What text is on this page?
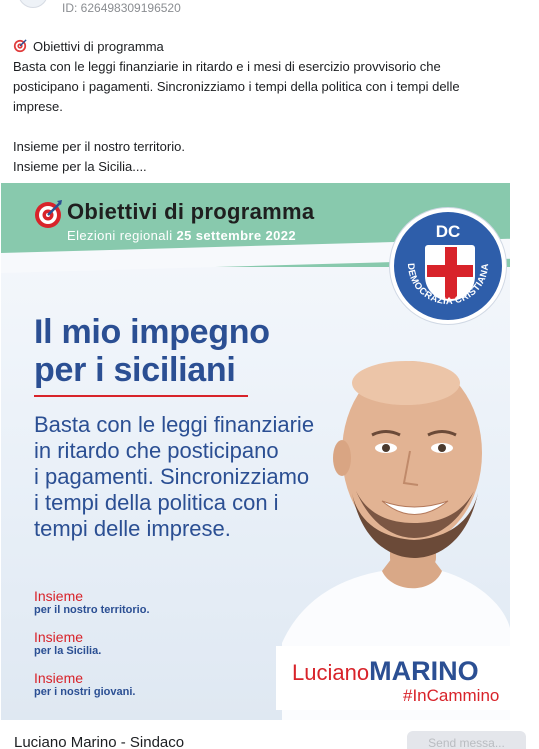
ID: 626498309196520

Obiettivi di programma

Basta con le leggi finanziarie in ritardo e i mesi di esercizio provvisorio che

posticipano i pagamenti. Sincronizziamo i tempi della politica con i tempi delle

imprese.

Insieme per il nostro territorio.

Insieme per la Sicilia....

Obiettivi di programma
Elezioni regionali 25 settembre 2022	DC
DEMOCRAZIA CRISTIANA
Il mio impegno
per i siciliani
Basta con le leggi finanziarie
in ritardo che posticipano
i pagamenti. Sincronizziamo
i tempi della politica con i
tempi delle imprese.
Insieme
per il nostro territorio.
Insieme
per la Sicilia.
Insieme
per i nostri giovani.
LucianoMARINO
#InCammino
Luciano Marino - Sindaco	Send messa...
